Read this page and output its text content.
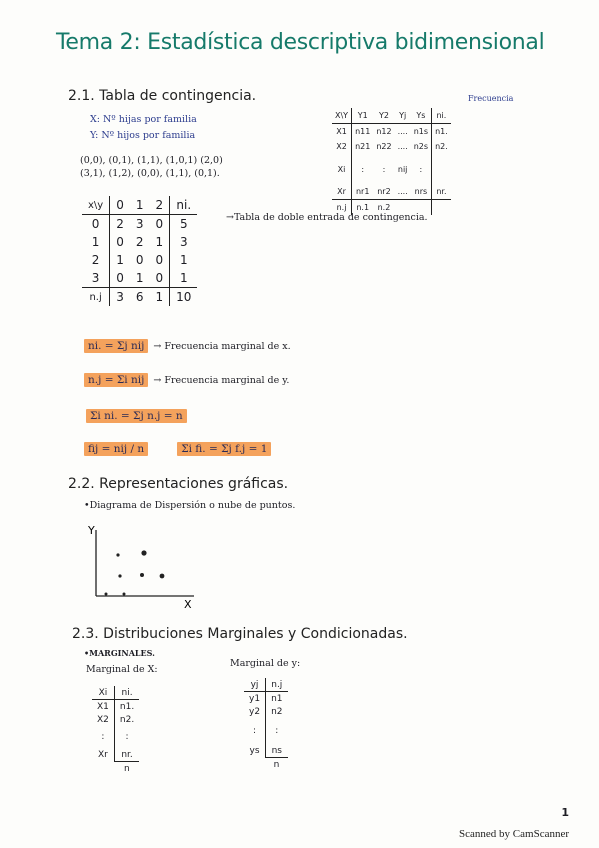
Tema 2: Estadística descriptiva bidimensional
2.1. Tabla de contingencia.
X: Nº hijas por familia
Y: Nº hijos por familia
(0,0), (0,1), (1,1), (1,0,1) (2,0)
(3,1), (1,2), (0,0), (1,1), (0,1).
x\y	0	1	2	ni.
0	2	3	0	5
1	0	2	1	3
2	1	0	0	1
3	0	1	0	1
n.j	3	6	1	10
→Tabla de doble entrada de contingencia.
Frecuencia
X\Y	Y1	Y2	Yj	Ys	ni.
X1	n11	n12	....	n1s	n1.
X2	n21	n22	....	n2s	n2.
Xi	:	:	nij	:	
Xr	nr1	nr2	....	nrs	nr.
n.j	n.1	n.2			
ni. = Σj nij → Frecuencia marginal de x.
n.j = Σi nij → Frecuencia marginal de y.
Σi ni. = Σj n.j = n
fij = nij / n	Σi fi. = Σj f.j = 1
2.2. Representaciones gráficas.
•Diagrama de Dispersión o nube de puntos.
Y
X
2.3. Distribuciones Marginales y Condicionadas.
•MARGINALES.
Marginal de X:
Marginal de y:
Xi	ni.
X1	n1.
X2	n2.
:	:
Xr	nr.
	n
yj	n.j
y1	n1
y2	n2
:	:
ys	ns
	n
1
Scanned by CamScanner
